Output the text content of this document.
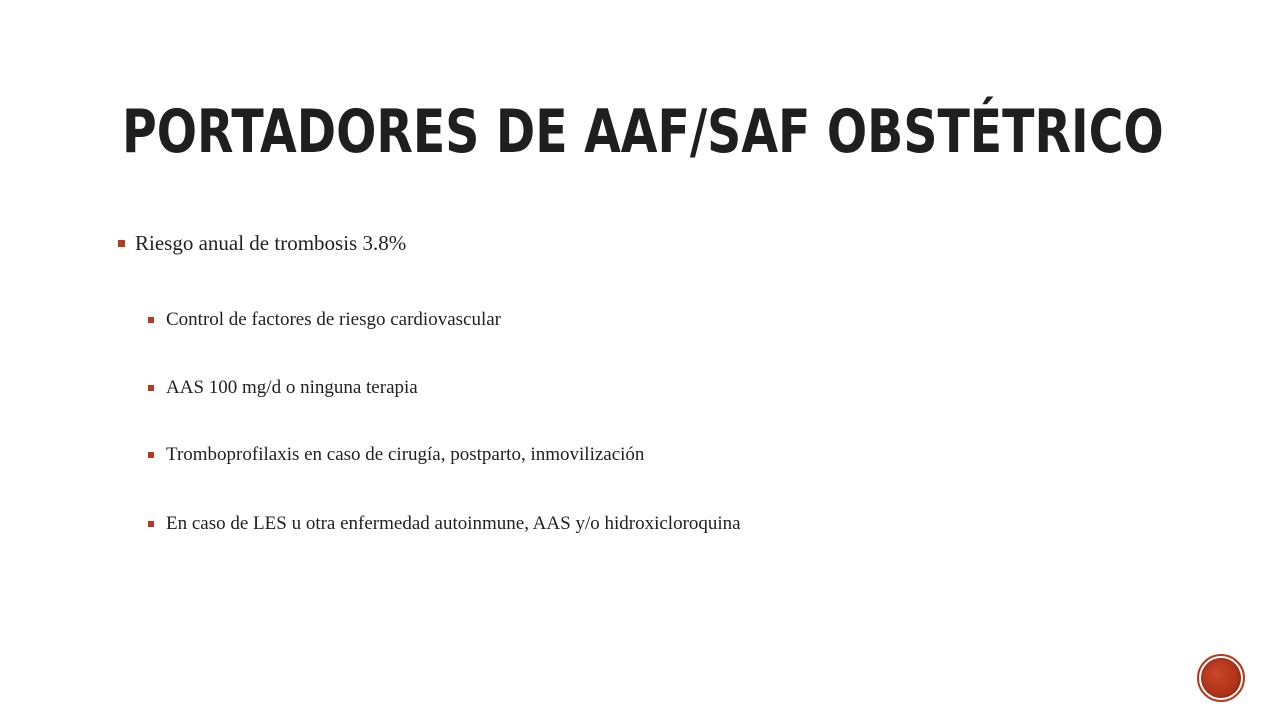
PORTADORES DE AAF/SAF OBSTÉTRICO
Riesgo anual de trombosis 3.8%
Control de factores de riesgo cardiovascular
AAS 100 mg/d o ninguna terapia
Tromboprofilaxis en caso de cirugía, postparto, inmovilización
En caso de LES u otra enfermedad autoinmune, AAS y/o hidroxicloroquina
